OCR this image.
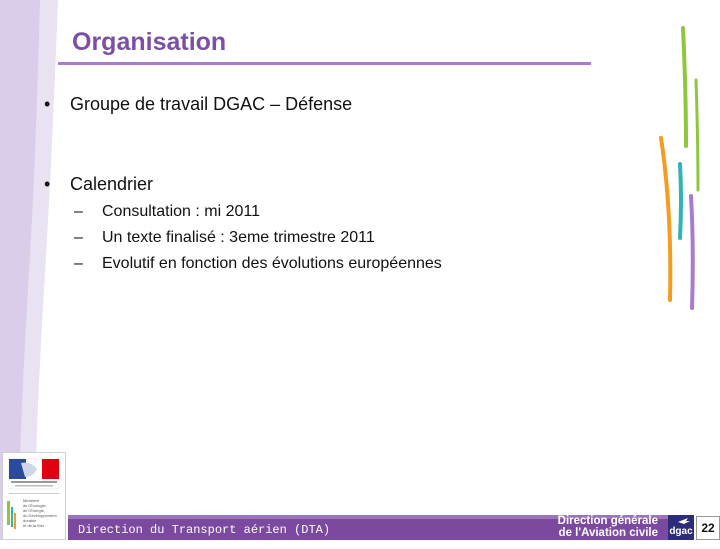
Organisation
• Groupe de travail DGAC – Défense
• Calendrier
– Consultation : mi 2011
– Un texte finalisé : 3eme trimestre 2011
– Evolutif en fonction des évolutions européennes
Ministère
de l'Écologie,
de l'Énergie,
du Développement
durable
et de la Mer	Direction du Transport aérien (DTA)
Direction générale
de l'Aviation civile dgac 22
